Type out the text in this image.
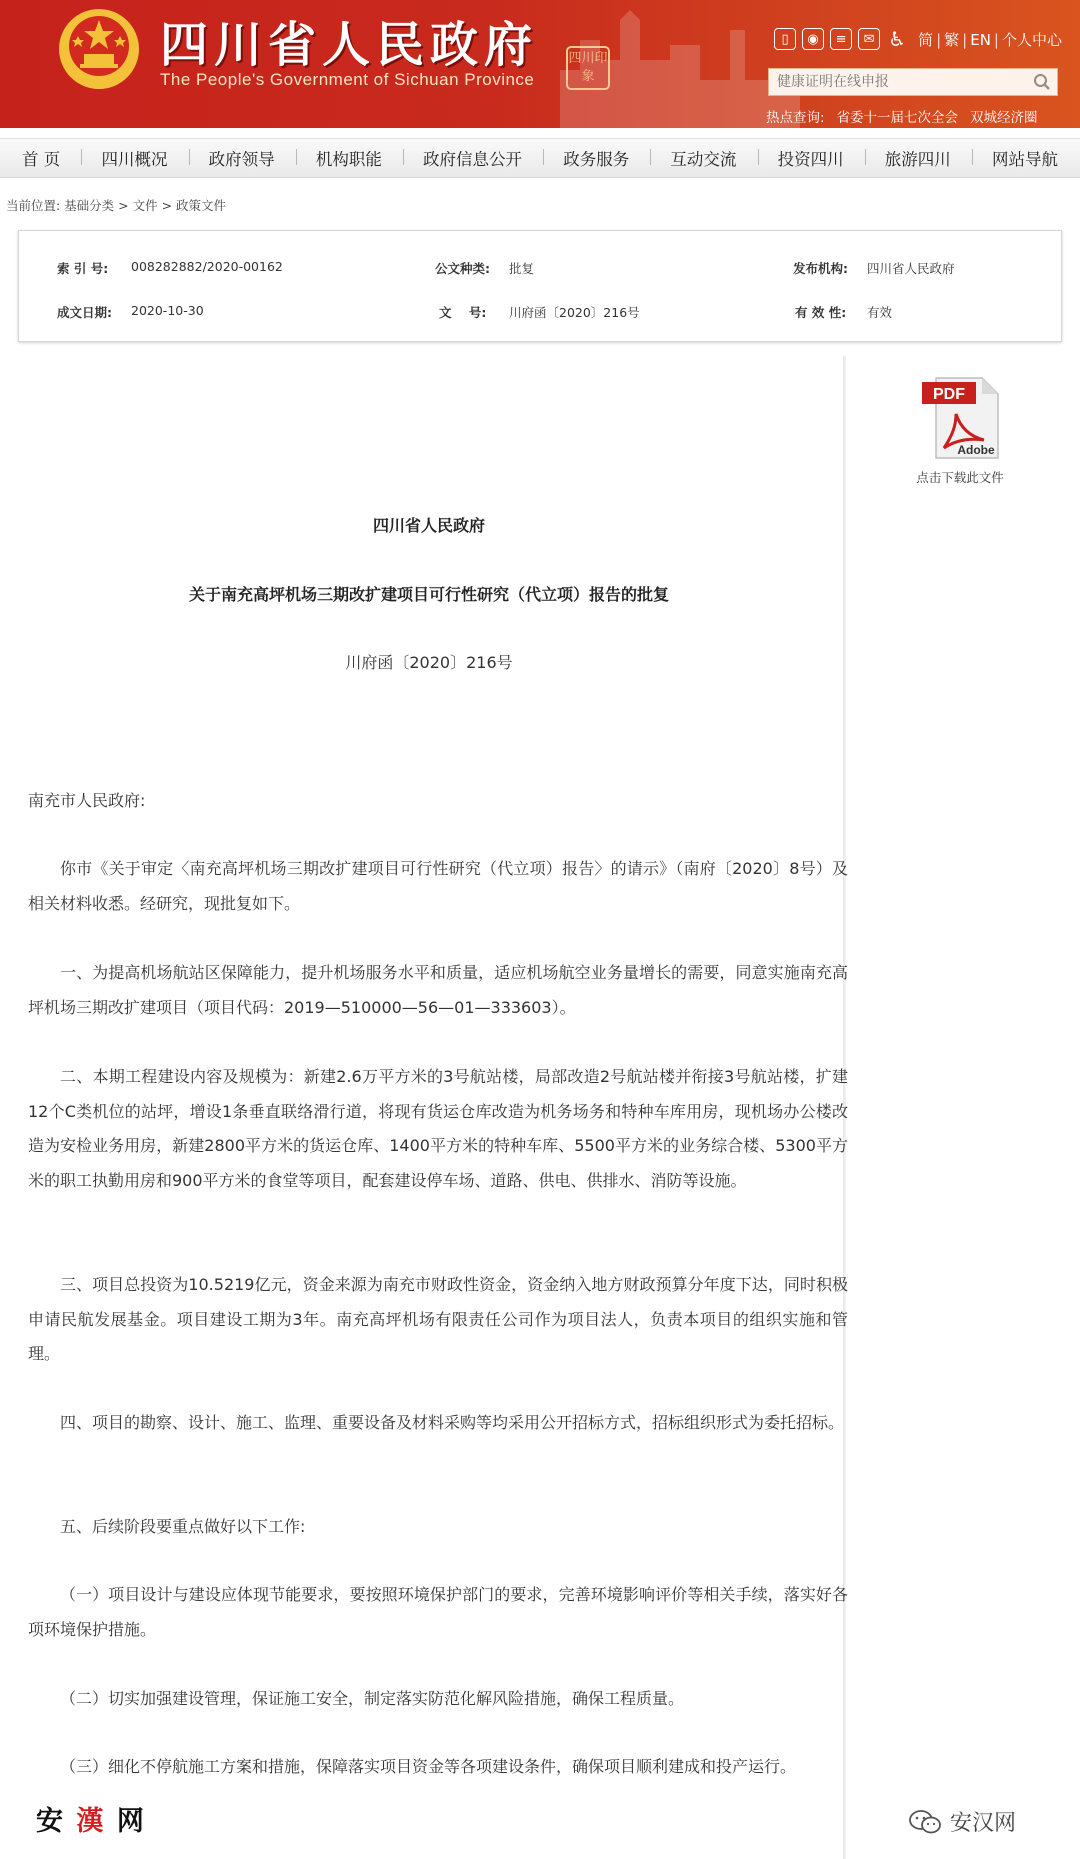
四川省人民政府
The People's Government of Sichuan Province
四川印象
▯	◉	≡	✉ ♿ 简 | 繁 | EN | 个人中心
健康证明在线申报
热点查询: 省委十一届七次全会 双城经济圈
首 页	四川概况	政府领导	机构职能	政府信息公开	政务服务	互动交流	投资四川	旅游四川	网站导航
当前位置: 基础分类 > 文件 > 政策文件
索 引 号: 008282882/2020-00162	公文种类: 批复	发布机构: 四川省人民政府
成文日期: 2020-10-30	文    号: 川府函〔2020〕216号	有 效 性: 有效
四川省人民政府
关于南充高坪机场三期改扩建项目可行性研究（代立项）报告的批复
川府函〔2020〕216号

南充市人民政府:

你市《关于审定〈南充高坪机场三期改扩建项目可行性研究（代立项）报告〉的请示》（南府〔2020〕8号）及相关材料收悉。经研究，现批复如下。

一、为提高机场航站区保障能力，提升机场服务水平和质量，适应机场航空业务量增长的需要，同意实施南充高坪机场三期改扩建项目（项目代码：2019—510000—56—01—333603）。

二、本期工程建设内容及规模为：新建2.6万平方米的3号航站楼，局部改造2号航站楼并衔接3号航站楼，扩建12个C类机位的站坪，增设1条垂直联络滑行道，将现有货运仓库改造为机务场务和特种车库用房，现机场办公楼改造为安检业务用房，新建2800平方米的货运仓库、1400平方米的特种车库、5500平方米的业务综合楼、5300平方米的职工执勤用房和900平方米的食堂等项目，配套建设停车场、道路、供电、供排水、消防等设施。

三、项目总投资为10.5219亿元，资金来源为南充市财政性资金，资金纳入地方财政预算分年度下达，同时积极申请民航发展基金。项目建设工期为3年。南充高坪机场有限责任公司作为项目法人，负责本项目的组织实施和管理。

四、项目的勘察、设计、施工、监理、重要设备及材料采购等均采用公开招标方式，招标组织形式为委托招标。

五、后续阶段要重点做好以下工作:

（一）项目设计与建设应体现节能要求，要按照环境保护部门的要求，完善环境影响评价等相关手续，落实好各项环境保护措施。

（二）切实加强建设管理，保证施工安全，制定落实防范化解风险措施，确保工程质量。

（三）细化不停航施工方案和措施，保障落实项目资金等各项建设条件，确保项目顺利建成和投产运行。

PDF
Adobe
点击下载此文件
安 漢 网	安汉网
